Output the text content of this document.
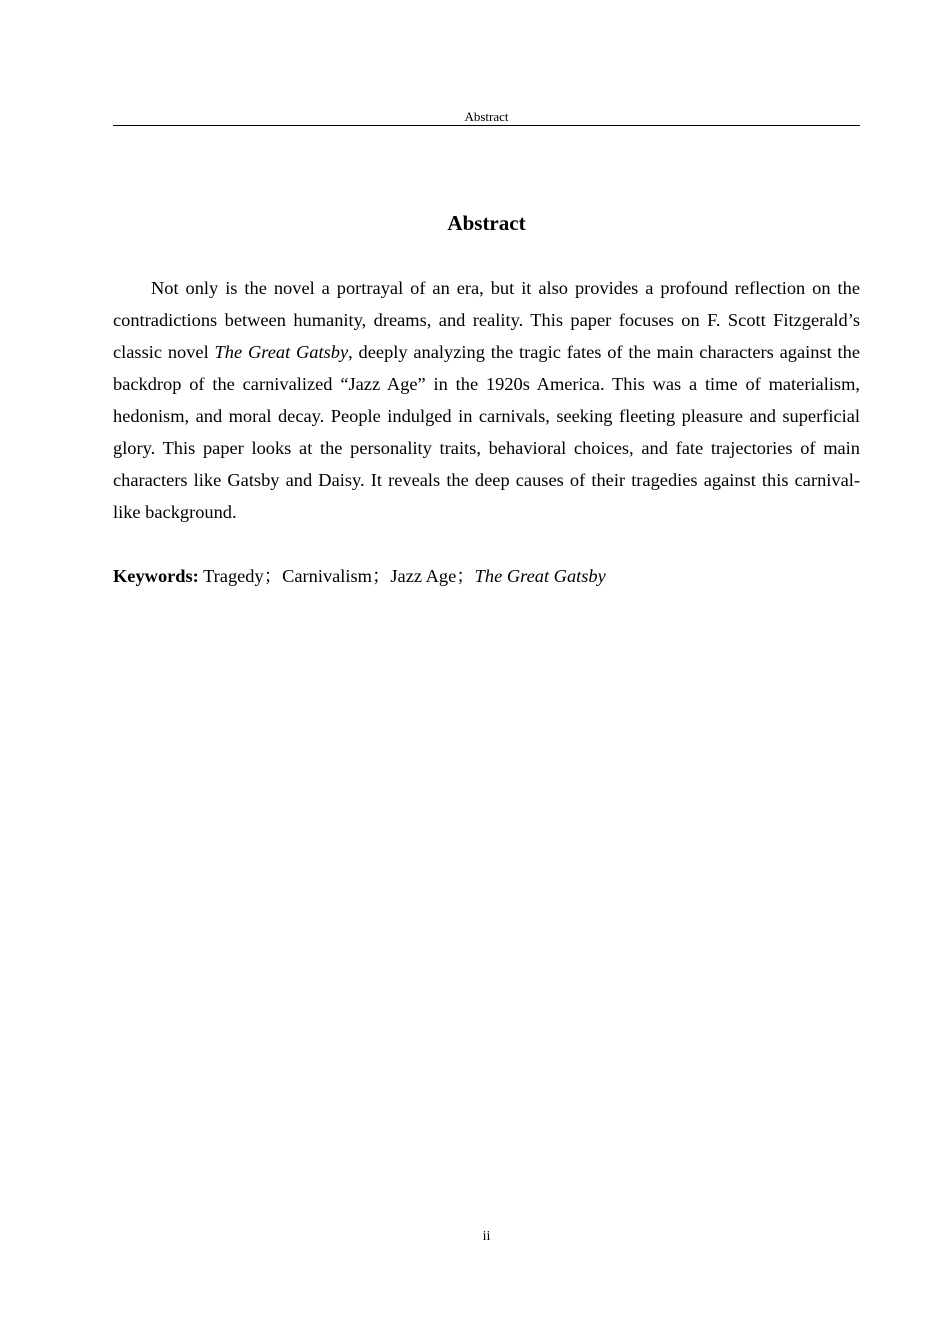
Abstract
Abstract

Not only is the novel a portrayal of an era, but it also provides a profound reflection on the contradictions between humanity, dreams, and reality. This paper focuses on F. Scott Fitzgerald’s classic novel The Great Gatsby, deeply analyzing the tragic fates of the main characters against the backdrop of the carnivalized “Jazz Age” in the 1920s America. This was a time of materialism, hedonism, and moral decay. People indulged in carnivals, seeking fleeting pleasure and superficial glory. This paper looks at the personality traits, behavioral choices, and fate trajectories of main characters like Gatsby and Daisy. It reveals the deep causes of their tragedies against this carnival-like background.

Keywords: Tragedy；Carnivalism；Jazz Age；The Great Gatsby

ii
